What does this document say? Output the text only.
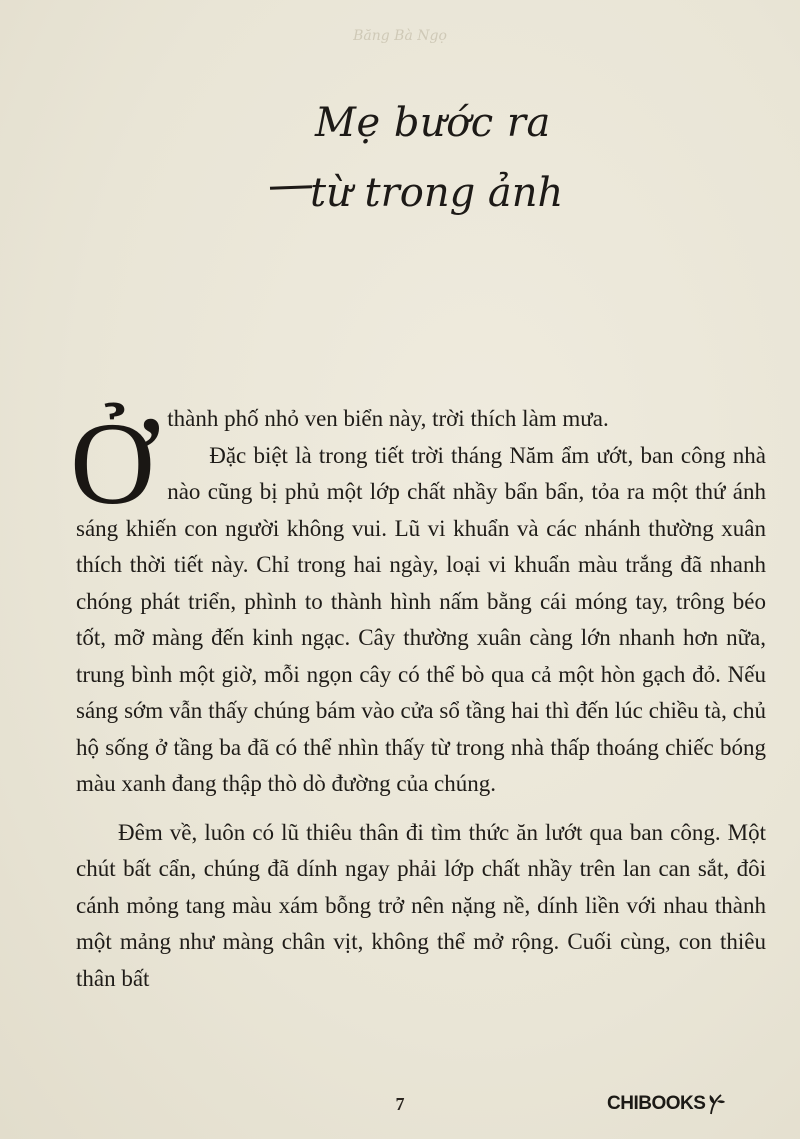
Băng Bà Ngọ
Mẹ bước ra
từ trong ảnh
Ở thành phố nhỏ ven biển này, trời thích làm mưa.

Đặc biệt là trong tiết trời tháng Năm ẩm ướt, ban công nhà nào cũng bị phủ một lớp chất nhầy bẩn bẩn, tỏa ra một thứ ánh sáng khiến con người không vui. Lũ vi khuẩn và các nhánh thường xuân thích thời tiết này. Chỉ trong hai ngày, loại vi khuẩn màu trắng đã nhanh chóng phát triển, phình to thành hình nấm bằng cái móng tay, trông béo tốt, mỡ màng đến kinh ngạc. Cây thường xuân càng lớn nhanh hơn nữa, trung bình một giờ, mỗi ngọn cây có thể bò qua cả một hòn gạch đỏ. Nếu sáng sớm vẫn thấy chúng bám vào cửa sổ tầng hai thì đến lúc chiều tà, chủ hộ sống ở tầng ba đã có thể nhìn thấy từ trong nhà thấp thoáng chiếc bóng màu xanh đang thập thò dò đường của chúng.

Đêm về, luôn có lũ thiêu thân đi tìm thức ăn lướt qua ban công. Một chút bất cẩn, chúng đã dính ngay phải lớp chất nhầy trên lan can sắt, đôi cánh mỏng tang màu xám bỗng trở nên nặng nề, dính liền với nhau thành một mảng như màng chân vịt, không thể mở rộng. Cuối cùng, con thiêu thân bất

7	CHIBOOKS
